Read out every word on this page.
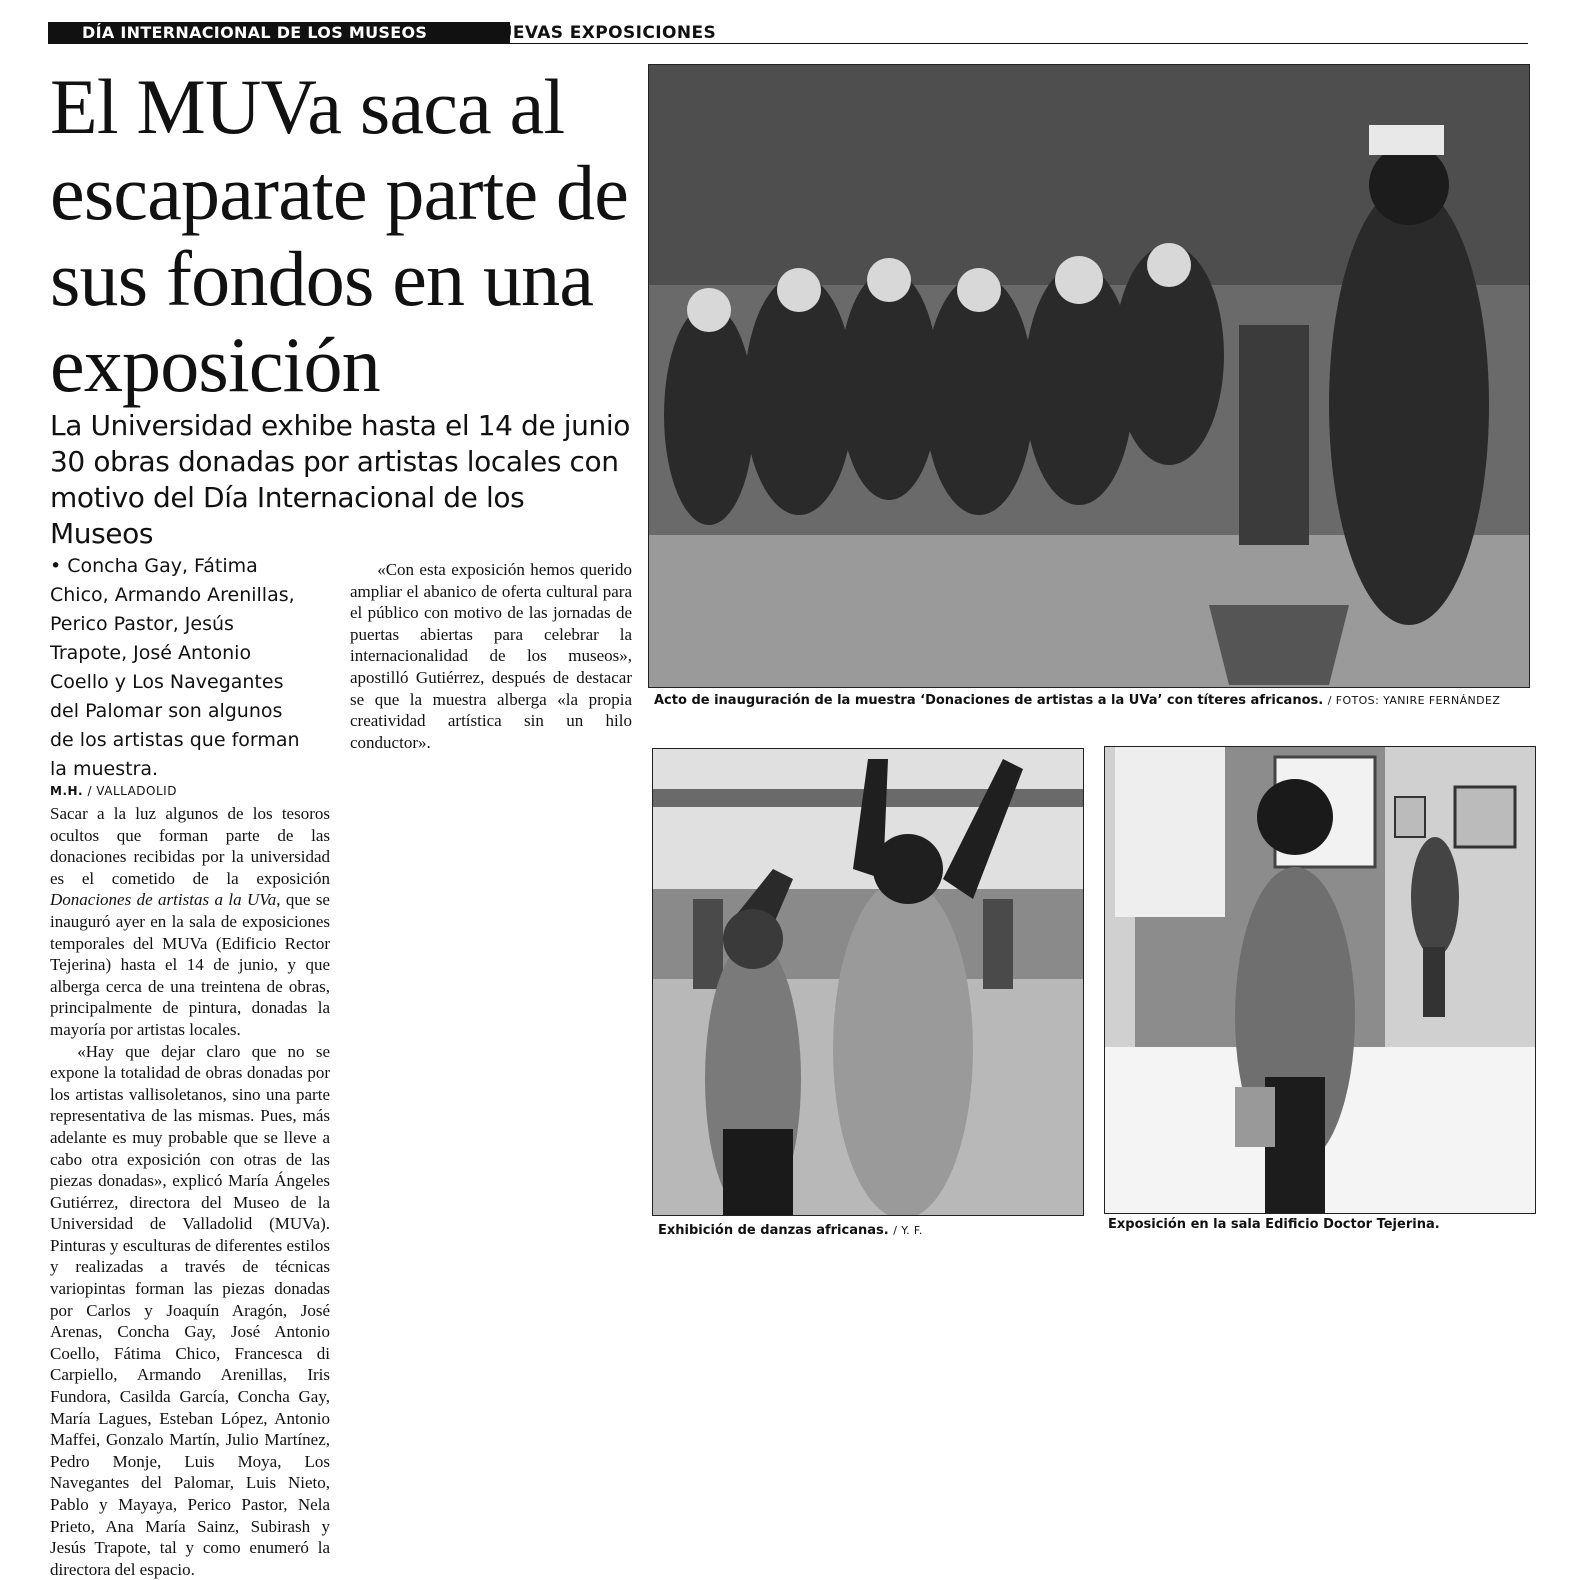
DÍA INTERNACIONAL DE LOS MUSEOS	NUEVAS EXPOSICIONES
El MUVa saca al escaparate parte de sus fondos en una exposición
La Universidad exhibe hasta el 14 de junio 30 obras donadas por artistas locales con motivo del Día Internacional de los Museos
• Concha Gay, Fátima Chico, Armando Arenillas, Perico Pastor, Jesús Trapote, José Antonio Coello y Los Navegantes del Palomar son algunos de los artistas que forman la muestra.
M.H. / VALLADOLID

Sacar a la luz algunos de los tesoros ocultos que forman parte de las donaciones recibidas por la universidad es el cometido de la exposición Donaciones de artistas a la UVa, que se inauguró ayer en la sala de exposiciones temporales del MUVa (Edificio Rector Tejerina) hasta el 14 de junio, y que alberga cerca de una treintena de obras, principalmente de pintura, donadas la mayoría por artistas locales.

«Hay que dejar claro que no se expone la totalidad de obras donadas por los artistas vallisoletanos, sino una parte representativa de las mismas. Pues, más adelante es muy probable que se lleve a cabo otra exposición con otras de las piezas donadas», explicó María Ángeles Gutiérrez, directora del Museo de la Universidad de Valladolid (MUVa). Pinturas y esculturas de diferentes estilos y realizadas a través de técnicas variopintas forman las piezas donadas por Carlos y Joaquín Aragón, José Arenas, Concha Gay, José Antonio Coello, Fátima Chico, Francesca di Carpiello, Armando Arenillas, Iris Fundora, Casilda García, Concha Gay, María Lagues, Esteban López, Antonio Maffei, Gonzalo Martín, Julio Martínez, Pedro Monje, Luis Moya, Los Navegantes del Palomar, Luis Nieto, Pablo y Mayaya, Perico Pastor, Nela Prieto, Ana María Sainz, Subirash y Jesús Trapote, tal y como enumeró la directora del espacio.

«Con esta exposición hemos querido ampliar el abanico de oferta cultural para el público con motivo de las jornadas de puertas abiertas para celebrar la internacionalidad de los museos», apostilló Gutiérrez, después de destacar se que la muestra alberga «la propia creatividad artística sin un hilo conductor».

Acto de inauguración de la muestra ‘Donaciones de artistas a la UVa’ con títeres africanos. / FOTOS: YANIRE FERNÁNDEZ
Exhibición de danzas africanas. / Y. F.	Exposición en la sala Edificio Doctor Tejerina.
